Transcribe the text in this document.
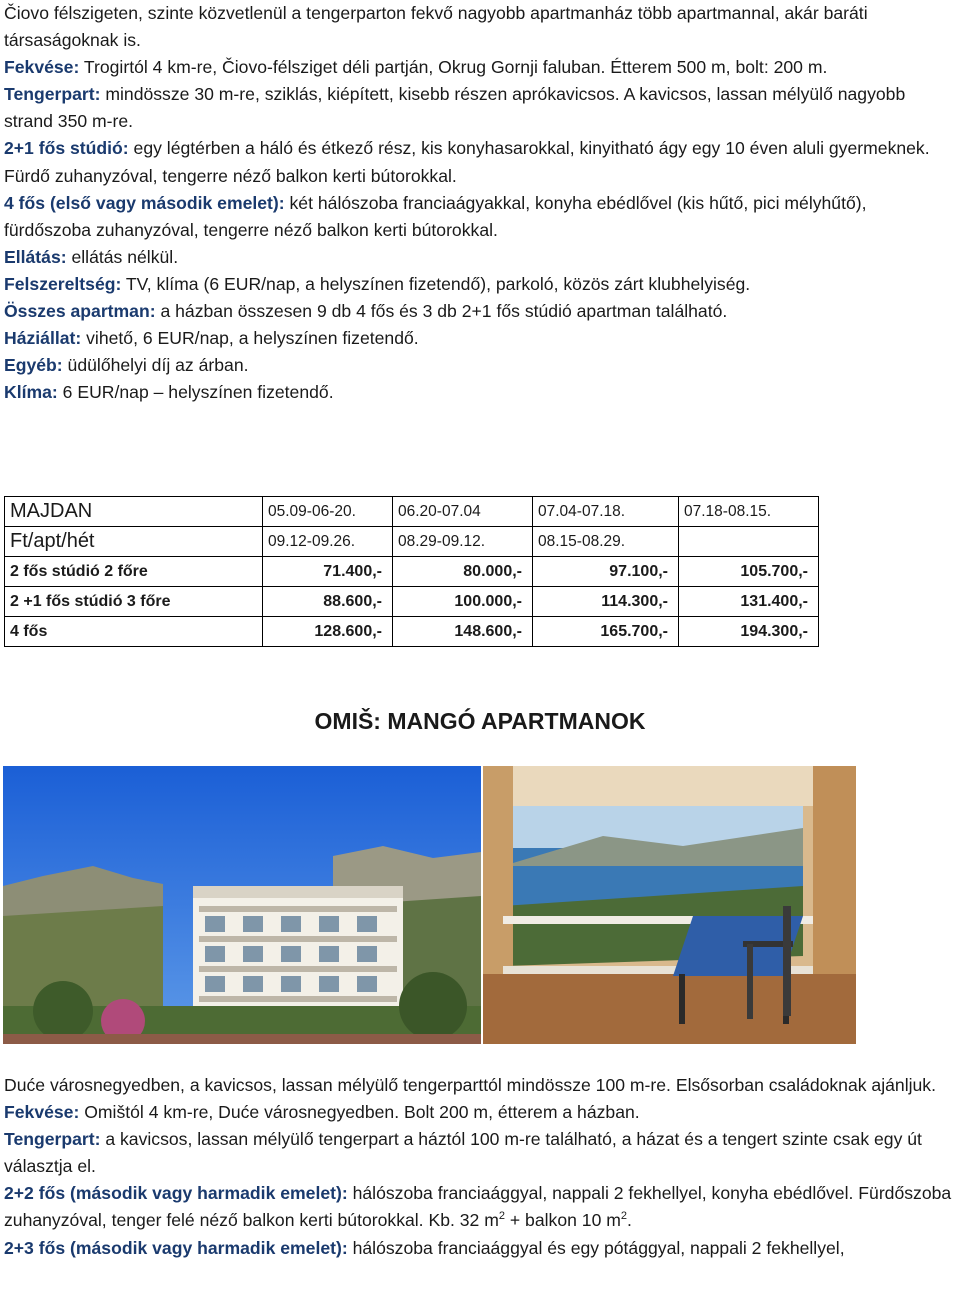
Čiovo félszigeten, szinte közvetlenül a tengerparton fekvő nagyobb apartmanház több apartmannal, akár baráti társaságoknak is.

Fekvése: Trogirtól 4 km-re, Čiovo-félsziget déli partján, Okrug Gornji faluban. Étterem 500 m, bolt: 200 m.

Tengerpart: mindössze 30 m-re, sziklás, kiépített, kisebb részen aprókavicsos. A kavicsos, lassan mélyülő nagyobb strand 350 m-re.

2+1 fős stúdió: egy légtérben a háló és étkező rész, kis konyhasarokkal, kinyitható ágy egy 10 éven aluli gyermeknek. Fürdő zuhanyzóval, tengerre néző balkon kerti bútorokkal.

4 fős (első vagy második emelet): két hálószoba franciaágyakkal, konyha ebédlővel (kis hűtő, pici mélyhűtő), fürdőszoba zuhanyzóval, tengerre néző balkon kerti bútorokkal.

Ellátás: ellátás nélkül.

Felszereltség: TV, klíma (6 EUR/nap, a helyszínen fizetendő), parkoló, közös zárt klubhelyiség.

Összes apartman: a házban összesen 9 db 4 fős és 3 db 2+1 fős stúdió apartman található.

Háziállat: vihető, 6 EUR/nap, a helyszínen fizetendő.

Egyéb: üdülőhelyi díj az árban.

Klíma: 6 EUR/nap – helyszínen fizetendő.

MAJDAN	05.09-06-20.	06.20-07.04	07.04-07.18.	07.18-08.15.
Ft/apt/hét	09.12-09.26.	08.29-09.12.	08.15-08.29.	
2 fős stúdió 2 főre	71.400,-	80.000,-	97.100,-	105.700,-
2 +1 fős stúdió 3 főre	88.600,-	100.000,-	114.300,-	131.400,-
4 fős	128.600,-	148.600,-	165.700,-	194.300,-
OMIŠ: MANGÓ APARTMANOK

Duće városnegyedben, a kavicsos, lassan mélyülő tengerparttól mindössze 100 m-re. Elsősorban családoknak ajánljuk.

Fekvése: Omištól 4 km-re, Duće városnegyedben. Bolt 200 m, étterem a házban.

Tengerpart: a kavicsos, lassan mélyülő tengerpart a háztól 100 m-re található, a házat és a tengert szinte csak egy út választja el.

2+2 fős (második vagy harmadik emelet): hálószoba franciaággyal, nappali 2 fekhellyel, konyha ebédlővel. Fürdőszoba zuhanyzóval, tenger felé néző balkon kerti bútorokkal. Kb. 32 $m^2$ + balkon 10 $m^2$.

2+3 fős (második vagy harmadik emelet): hálószoba franciaággyal és egy pótággyal, nappali 2 fekhellyel,
